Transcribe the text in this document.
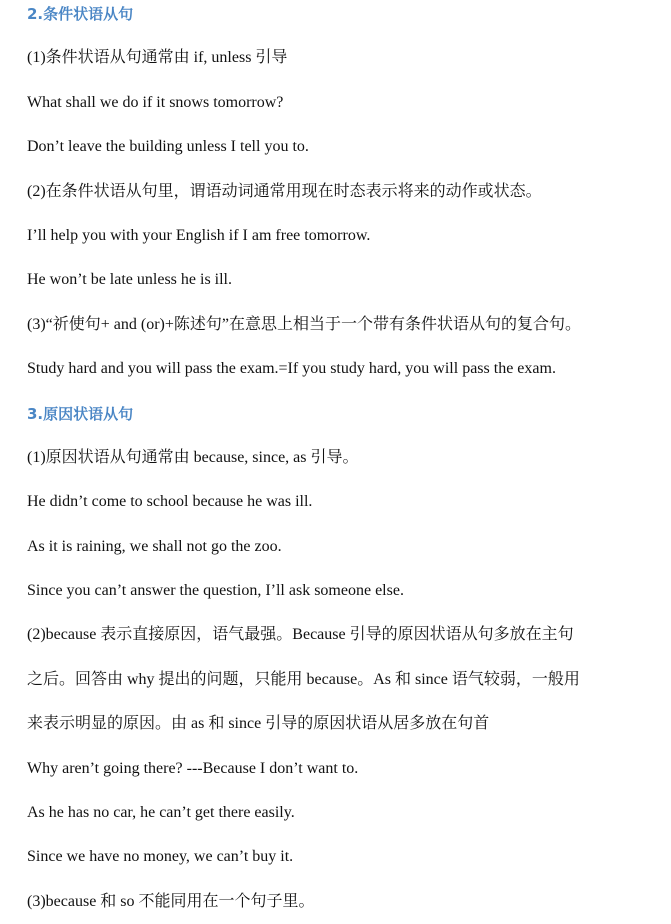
2.条件状语从句
(1)条件状语从句通常由 if, unless 引导
What shall we do if it snows tomorrow?
Don’t leave the building unless I tell you to.
(2)在条件状语从句里，谓语动词通常用现在时态表示将来的动作或状态。
I’ll help you with your English if I am free tomorrow.
He won’t be late unless he is ill.
(3)“祈使句+ and (or)+陈述句”在意思上相当于一个带有条件状语从句的复合句。
Study hard and you will pass the exam.=If you study hard, you will pass the exam.
3.原因状语从句
(1)原因状语从句通常由 because, since, as 引导。
He didn’t come to school because he was ill.
As it is raining, we shall not go the zoo.
Since you can’t answer the question, I’ll ask someone else.
(2)because 表示直接原因，语气最强。Because 引导的原因状语从句多放在主句
之后。回答由 why 提出的问题，只能用 because。As 和 since 语气较弱，一般用
来表示明显的原因。由 as 和 since 引导的原因状语从居多放在句首
Why aren’t going there? ---Because I don’t want to.
As he has no car, he can’t get there easily.
Since we have no money, we can’t buy it.
(3)because 和 so 不能同用在一个句子里。
